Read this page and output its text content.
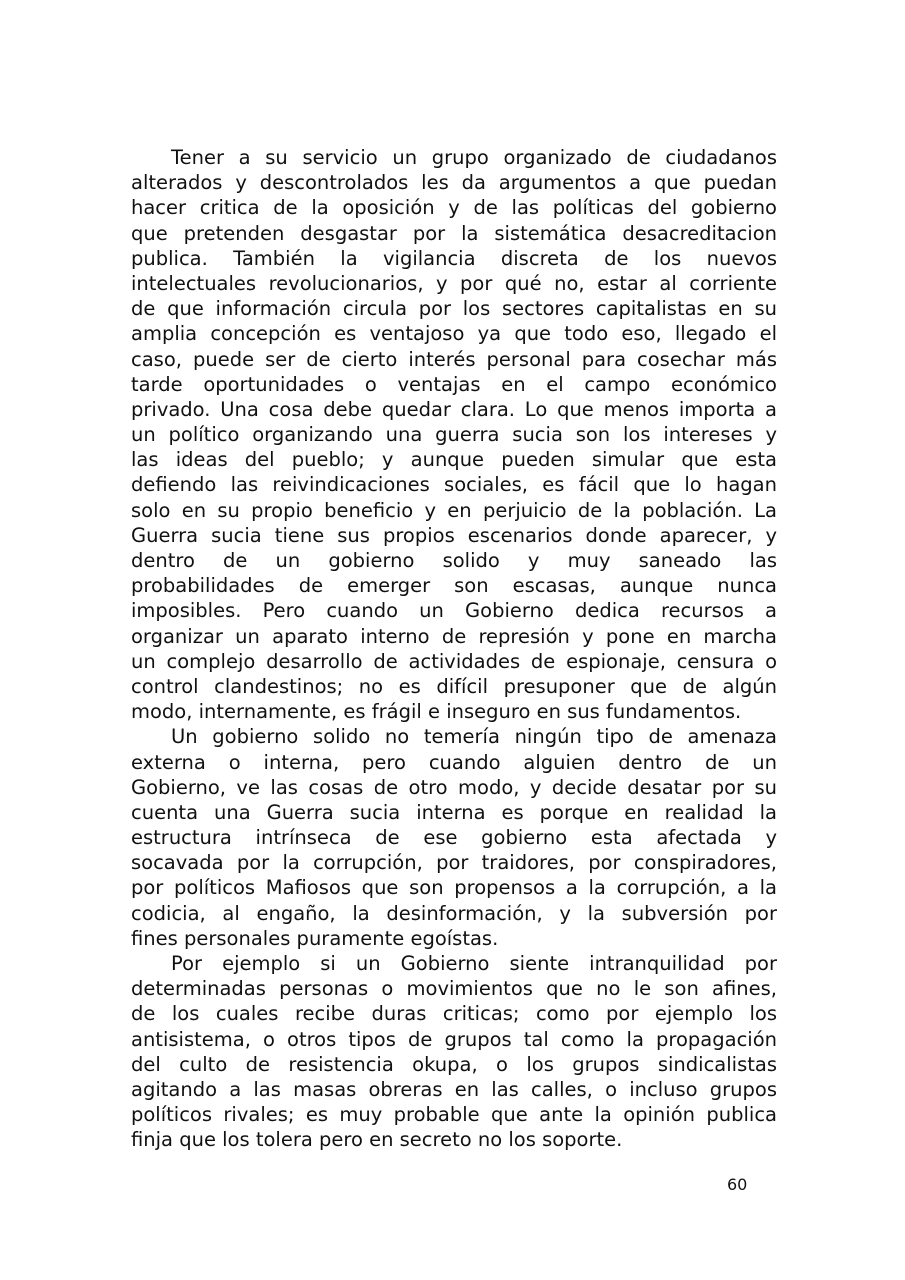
Tener a su servicio un grupo organizado de ciudadanos
alterados y descontrolados les da argumentos a que puedan
hacer critica de la oposición y de las políticas del gobierno
que pretenden desgastar por la sistemática desacreditacion
publica. También la vigilancia discreta de los nuevos
intelectuales revolucionarios, y por qué no, estar al corriente
de que información circula por los sectores capitalistas en su
amplia concepción es ventajoso ya que todo eso, llegado el
caso, puede ser de cierto interés personal para cosechar más
tarde oportunidades o ventajas en el campo económico
privado. Una cosa debe quedar clara. Lo que menos importa a
un político organizando una guerra sucia son los intereses y
las ideas del pueblo; y aunque pueden simular que esta
defiendo las reivindicaciones sociales, es fácil que lo hagan
solo en su propio beneficio y en perjuicio de la población. La
Guerra sucia tiene sus propios escenarios donde aparecer, y
dentro de un gobierno solido y muy saneado las
probabilidades de emerger son escasas, aunque nunca
imposibles. Pero cuando un Gobierno dedica recursos a
organizar un aparato interno de represión y pone en marcha
un complejo desarrollo de actividades de espionaje, censura o
control clandestinos; no es difícil presuponer que de algún
modo, internamente, es frágil e inseguro en sus fundamentos.
Un gobierno solido no temería ningún tipo de amenaza
externa o interna, pero cuando alguien dentro de un
Gobierno, ve las cosas de otro modo, y decide desatar por su
cuenta una Guerra sucia interna es porque en realidad la
estructura intrínseca de ese gobierno esta afectada y
socavada por la corrupción, por traidores, por conspiradores,
por políticos Mafiosos que son propensos a la corrupción, a la
codicia, al engaño, la desinformación, y la subversión por
fines personales puramente egoístas.
Por ejemplo si un Gobierno siente intranquilidad por
determinadas personas o movimientos que no le son afines,
de los cuales recibe duras criticas; como por ejemplo los
antisistema, o otros tipos de grupos tal como la propagación
del culto de resistencia okupa, o los grupos sindicalistas
agitando a las masas obreras en las calles, o incluso grupos
políticos rivales; es muy probable que ante la opinión publica
finja que los tolera pero en secreto no los soporte.
60
